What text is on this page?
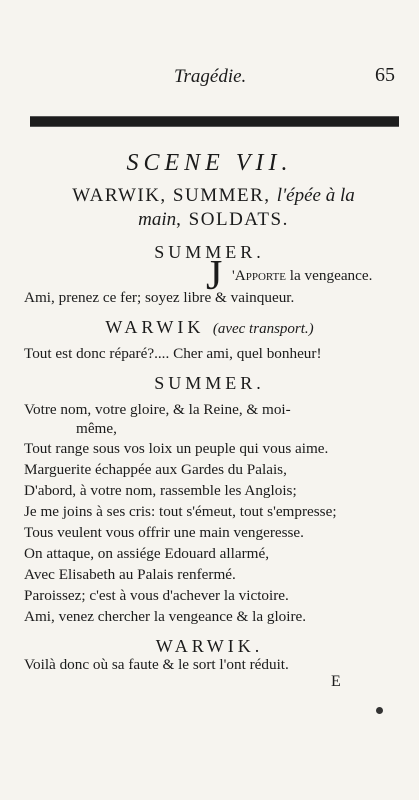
Tragédie.	65
SCENE VII.
WARWIK, SUMMER, l'épée à la
main, SOLDATS.
SUMMER.
J 'Apporte la vengeance.
Ami, prenez ce fer; soyez libre & vainqueur.
WARWIK (avec transport.)
Tout est donc réparé?.... Cher ami, quel bonheur!
SUMMER.
Votre nom, votre gloire, & la Reine, & moi-
même,
Tout range sous vos loix un peuple qui vous aime.
Marguerite échappée aux Gardes du Palais,
D'abord, à votre nom, rassemble les Anglois;
Je me joins à ses cris: tout s'émeut, tout s'empresse;
Tous veulent vous offrir une main vengeresse.
On attaque, on assiége Edouard allarmé,
Avec Elisabeth au Palais renfermé.
Paroissez; c'est à vous d'achever la victoire.
Ami, venez chercher la vengeance & la gloire.
WARWIK.
Voilà donc où sa faute & le sort l'ont réduit.
E
